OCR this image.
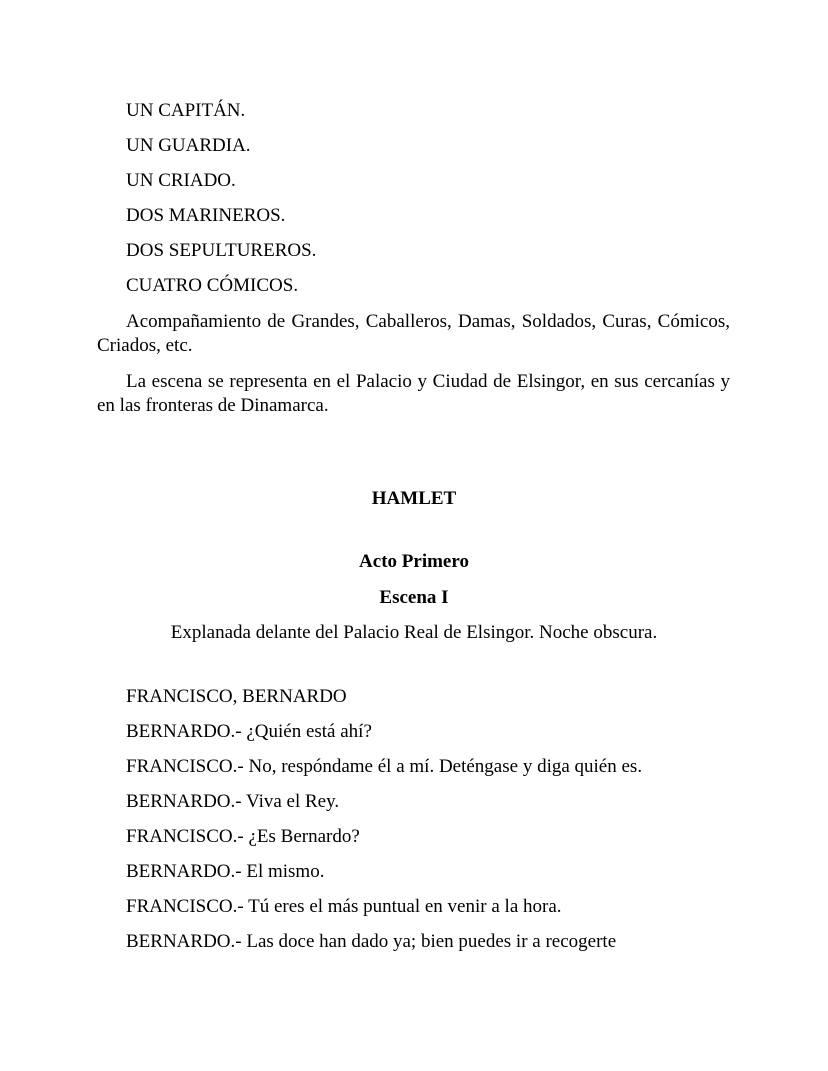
UN CAPITÁN.
UN GUARDIA.
UN CRIADO.
DOS MARINEROS.
DOS SEPULTUREROS.
CUATRO CÓMICOS.

Acompañamiento de Grandes, Caballeros, Damas, Soldados, Curas, Cómicos, Criados, etc.

La escena se representa en el Palacio y Ciudad de Elsingor, en sus cercanías y en las fronteras de Dinamarca.

HAMLET
Acto Primero
Escena I

Explanada delante del Palacio Real de Elsingor. Noche obscura.

FRANCISCO, BERNARDO
BERNARDO.- ¿Quién está ahí?
FRANCISCO.- No, respóndame él a mí. Deténgase y diga quién es.
BERNARDO.- Viva el Rey.
FRANCISCO.- ¿Es Bernardo?
BERNARDO.- El mismo.
FRANCISCO.- Tú eres el más puntual en venir a la hora.
BERNARDO.- Las doce han dado ya; bien puedes ir a recogerte
